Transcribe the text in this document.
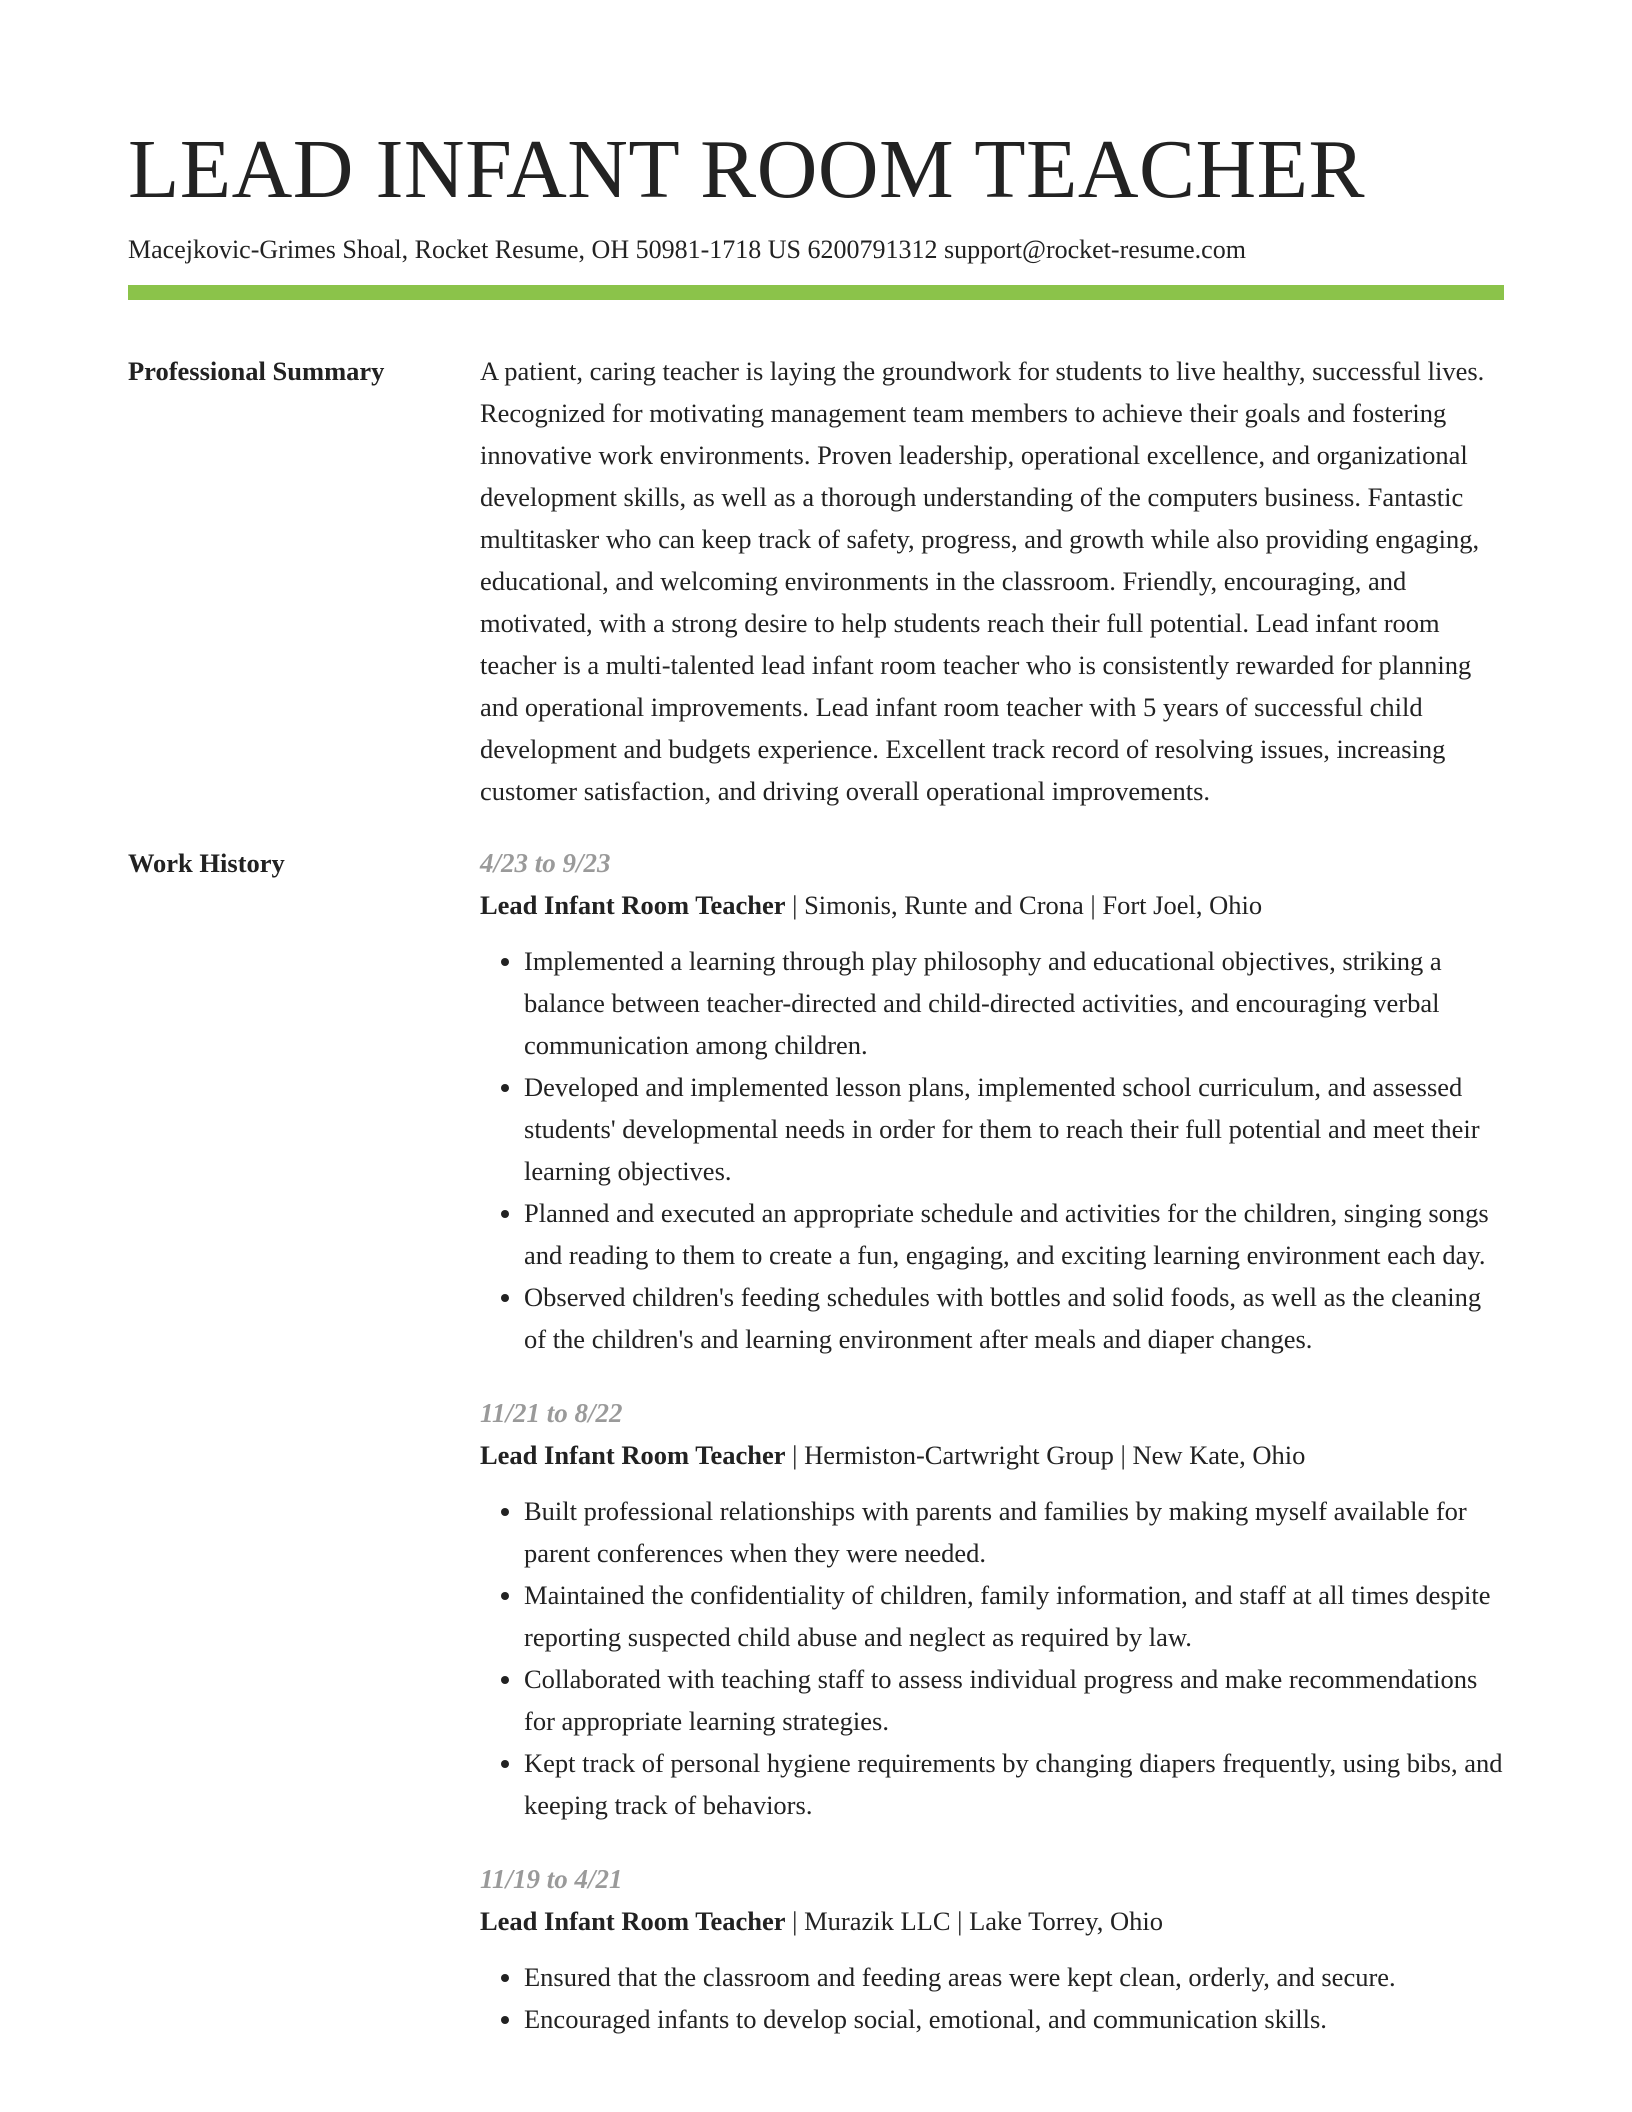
LEAD INFANT ROOM TEACHER
Macejkovic-Grimes Shoal, Rocket Resume, OH 50981-1718 US 6200791312 support@rocket-resume.com
Professional Summary	A patient, caring teacher is laying the groundwork for students to live healthy, successful lives. Recognized for motivating management team members to achieve their goals and fostering innovative work environments. Proven leadership, operational excellence, and organizational development skills, as well as a thorough understanding of the computers business. Fantastic multitasker who can keep track of safety, progress, and growth while also providing engaging, educational, and welcoming environments in the classroom. Friendly, encouraging, and motivated, with a strong desire to help students reach their full potential. Lead infant room teacher is a multi-talented lead infant room teacher who is consistently rewarded for planning and operational improvements. Lead infant room teacher with 5 years of successful child development and budgets experience. Excellent track record of resolving issues, increasing customer satisfaction, and driving overall operational improvements.

Work History	4/23 to 9/23
Lead Infant Room Teacher | Simonis, Runte and Crona | Fort Joel, Ohio
• Implemented a learning through play philosophy and educational objectives, striking a balance between teacher-directed and child-directed activities, and encouraging verbal communication among children.
• Developed and implemented lesson plans, implemented school curriculum, and assessed students' developmental needs in order for them to reach their full potential and meet their learning objectives.
• Planned and executed an appropriate schedule and activities for the children, singing songs and reading to them to create a fun, engaging, and exciting learning environment each day.
• Observed children's feeding schedules with bottles and solid foods, as well as the cleaning of the children's and learning environment after meals and diaper changes.
11/21 to 8/22
Lead Infant Room Teacher | Hermiston-Cartwright Group | New Kate, Ohio
• Built professional relationships with parents and families by making myself available for parent conferences when they were needed.
• Maintained the confidentiality of children, family information, and staff at all times despite reporting suspected child abuse and neglect as required by law.
• Collaborated with teaching staff to assess individual progress and make recommendations for appropriate learning strategies.
• Kept track of personal hygiene requirements by changing diapers frequently, using bibs, and keeping track of behaviors.
11/19 to 4/21
Lead Infant Room Teacher | Murazik LLC | Lake Torrey, Ohio
• Ensured that the classroom and feeding areas were kept clean, orderly, and secure.
• Encouraged infants to develop social, emotional, and communication skills.
